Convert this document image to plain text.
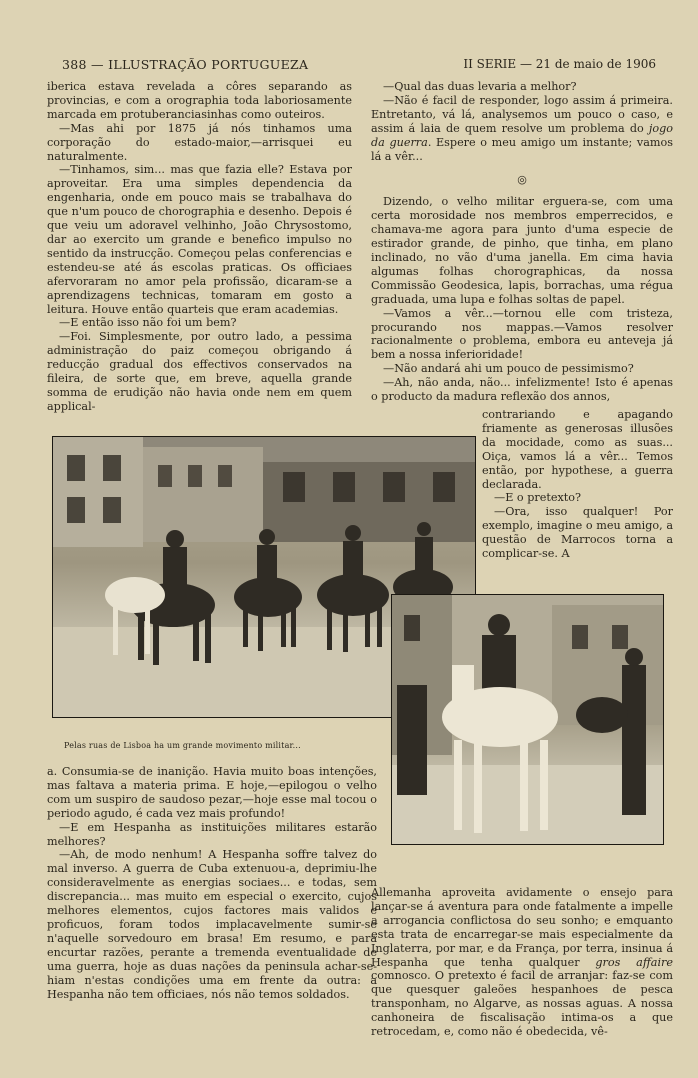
388 — ILLUSTRAÇÃO PORTUGUEZA	II SERIE — 21 de maio de 1906

iberica estava revelada a côres separando as provincias, e com a orographia toda laboriosamente marcada em protuberanciasinhas como outeiros.

—Mas ahi por 1875 já nós tinhamos uma corporação do estado-maior,—arrisquei eu naturalmente.

—Tinhamos, sim... mas que fazia elle? Estava por aproveitar. Era uma simples dependencia da engenharia, onde em pouco mais se trabalhava do que n'um pouco de chorographia e desenho. Depois é que veiu um adoravel velhinho, João Chrysostomo, dar ao exercito um grande e benefico impulso no sentido da instrucção. Começou pelas conferencias e estendeu-se até ás escolas praticas. Os officiaes afervoraram no amor pela profissão, dicaram-se a aprendizagens technicas, tomaram em gosto a leitura. Houve então quarteis que eram academias.

—E então isso não foi um bem?

—Foi. Simplesmente, por outro lado, a pessima administração do paiz começou obrigando á reducção gradual dos effectivos conservados na fileira, de sorte que, em breve, aquella grande somma de erudição não havia onde nem em quem applical-

—Qual das duas levaria a melhor?

—Não é facil de responder, logo assim á primeira. Entretanto, vá lá, analysemos um pouco o caso, e assim á laia de quem resolve um problema do jogo da guerra. Espere o meu amigo um instante; vamos lá a vêr...

◎

Dizendo, o velho militar erguera-se, com uma certa morosidade nos membros emperrecidos, e chamava-me agora para junto d'uma especie de estirador grande, de pinho, que tinha, em plano inclinado, no vão d'uma janella. Em cima havia algumas folhas chorographicas, da nossa Commissão Geodesica, lapis, borrachas, uma régua graduada, uma lupa e folhas soltas de papel.

—Vamos a vêr...—tornou elle com tristeza, procurando nos mappas.—Vamos resolver racionalmente o problema, embora eu anteveja já bem a nossa inferioridade!

—Não andará ahi um pouco de pessimismo?

—Ah, não anda, não... infelizmente! Isto é apenas o producto da madura reflexão dos annos,

contrariando e apagando friamente as generosas illusões da mocidade, como as suas... Oiça, vamos lá a vêr... Temos então, por hypothese, a guerra declarada.

—E o pretexto?

—Ora, isso qualquer! Por exemplo, imagine o meu amigo, a questão de Marrocos torna a complicar-se. A

Pelas ruas de Lisboa ha um grande movimento militar...

a. Consumia-se de inanição. Havia muito boas intenções, mas faltava a materia prima. E hoje,—epilogou o velho com um suspiro de saudoso pezar,—hoje esse mal tocou o periodo agudo, é cada vez mais profundo!

—E em Hespanha as instituições militares estarão melhores?

—Ah, de modo nenhum! A Hespanha soffre talvez do mal inverso. A guerra de Cuba extenuou-a, deprimiu-lhe consideravelmente as energias sociaes... e todas, sem discrepancia... mas muito em especial o exercito, cujos melhores elementos, cujos factores mais validos e proficuos, foram todos implacavelmente sumir-se n'aquelle sorvedouro em brasa! Em resumo, e para encurtar razões, perante a tremenda eventualidade de uma guerra, hoje as duas nações da peninsula achar-se-hiam n'estas condições uma em frente da outra: a Hespanha não tem officiaes, nós não temos soldados.

Allemanha aproveita avidamente o ensejo para lançar-se á aventura para onde fatalmente a impelle a arrogancia conflictosa do seu sonho; e emquanto esta trata de encarregar-se mais especialmente da Inglaterra, por mar, e da França, por terra, insinua á Hespanha que tenha qualquer gros affaire comnosco. O pretexto é facil de arranjar: faz-se com que quesquer galeões hespanhoes de pesca transponham, no Algarve, as nossas aguas. A nossa canhoneira de fiscalisação intima-os a que retrocedam, e, como não é obedecida, vê-
